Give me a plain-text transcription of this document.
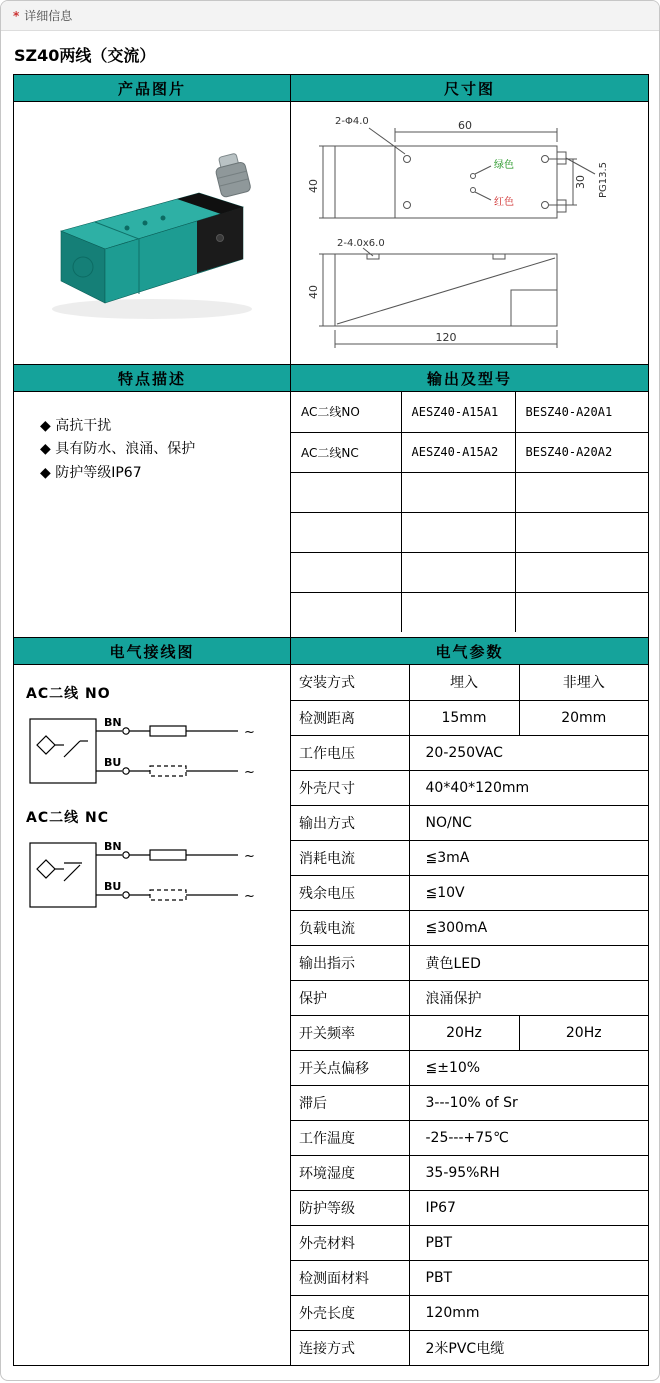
* 详细信息
SZ40两线（交流）
产品图片	尺寸图

60
2-Φ4.0
绿色
红色
40	30 PG13.5
2-4.0x6.0
40
120

特点描述	输出及型号

◆ 高抗干扰
◆ 具有防水、浪涌、保护
◆ 防护等级IP67

AC二线NO	AESZ40-A15A1	BESZ40-A20A1
AC二线NC	AESZ40-A15A2	BESZ40-A20A2

电气接线图	电气参数

AC二线 NO
BN
BU
~
~
AC二线 NC
BN
BU
~
~

安装方式	埋入	非埋入
检测距离	15mm	20mm
工作电压	20-250VAC
外壳尺寸	40*40*120mm
输出方式	NO/NC
消耗电流	≦3mA
残余电压	≦10V
负载电流	≦300mA
输出指示	黄色LED
保护	浪涌保护
开关频率	20Hz	20Hz
开关点偏移	≦±10%
滞后	3---10% of Sr
工作温度	-25---+75℃
环境湿度	35-95%RH
防护等级	IP67
外壳材料	PBT
检测面材料	PBT
外壳长度	120mm
连接方式	2米PVC电缆
